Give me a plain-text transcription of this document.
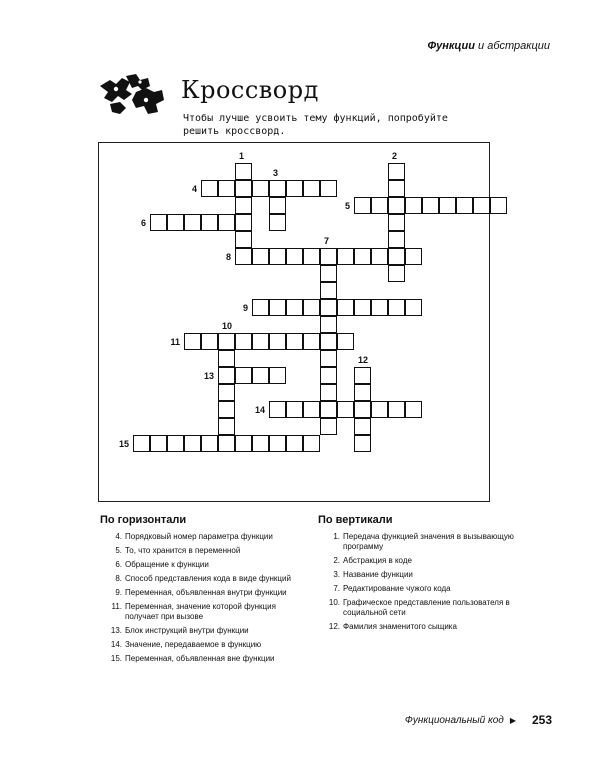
Функции и абстракции
Кроссворд
Чтобы лучше усвоить тему функций, попробуйте решить кроссворд.
4
5
6
8
9
11
13
14
15
1	2
3
7
10
12
По горизонтали
4. Порядковый номер параметра функции
5. То, что хранится в переменной
6. Обращение к функции
8. Способ представления кода в виде функций
9. Переменная, объявленная внутри функции
11. Переменная, значение которой функция получает при вызове
13. Блок инструкций внутри функции
14. Значение, передаваемое в функцию
15. Переменная, объявленная вне функции
По вертикали
1. Передача функцией значения в вызывающую программу
2. Абстракция в коде
3. Название функции
7. Редактирование чужого кода
10. Графическое представление пользователя в социальной сети
12. Фамилия знаменитого сыщика
Функциональный код ▶ 253
